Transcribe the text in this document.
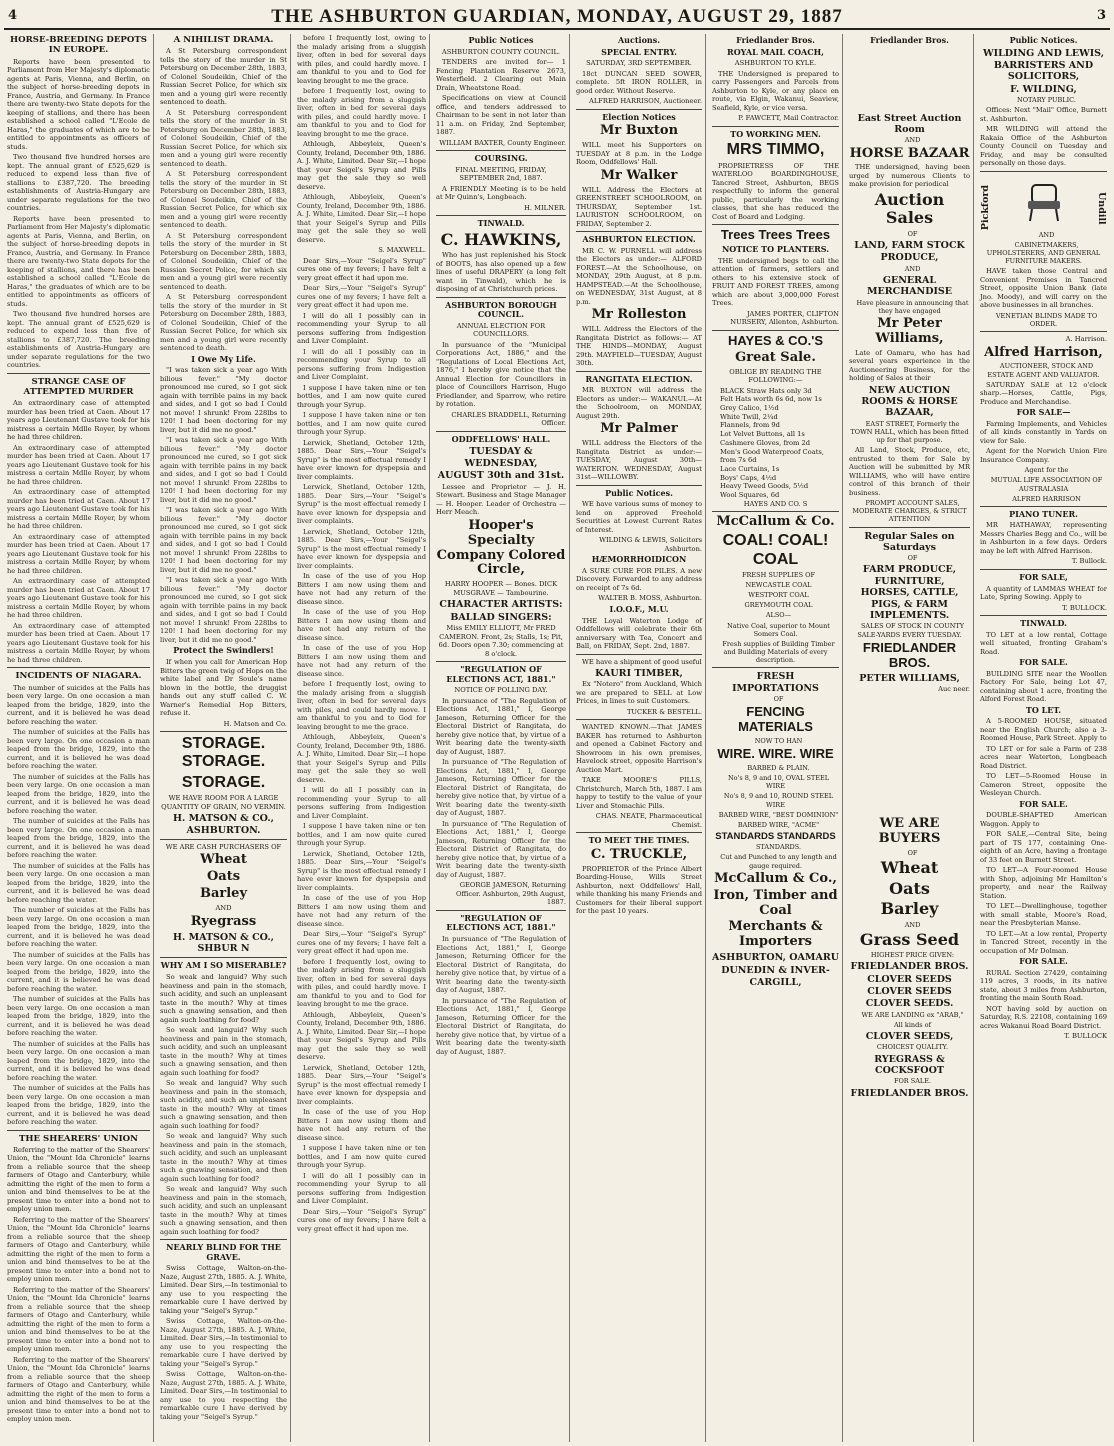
4	THE ASHBURTON GUARDIAN, MONDAY, AUGUST 29, 1887	3
HORSE-BREEDING DEPOTS IN EUROPE.

Reports have been presented to Parliament from Her Majesty's diplomatic agents at Paris, Vienna, and Berlin, on the subject of horse-breeding depots in France, Austria, and Germany. In France there are twenty-two State depots for the keeping of stallions, and there has been established a school called "L'Ecole de Haras," the graduates of which are to be entitled to appointments as officers of studs.

Two thousand five hundred horses are kept. The annual grant of £525,629 is reduced to expend less than five of stallions to £387,720. The breeding establishments of Austria-Hungary are under separate regulations for the two countries.

Reports have been presented to Parliament from Her Majesty's diplomatic agents at Paris, Vienna, and Berlin, on the subject of horse-breeding depots in France, Austria, and Germany. In France there are twenty-two State depots for the keeping of stallions, and there has been established a school called "L'Ecole de Haras," the graduates of which are to be entitled to appointments as officers of studs.

Two thousand five hundred horses are kept. The annual grant of £525,629 is reduced to expend less than five of stallions to £387,720. The breeding establishments of Austria-Hungary are under separate regulations for the two countries.

STRANGE CASE OF ATTEMPTED MURDER

An extraordinary case of attempted murder has been tried at Caen. About 17 years ago Lieutenant Gustave took for his mistress a certain Mdlle Royer, by whom he had three children.

An extraordinary case of attempted murder has been tried at Caen. About 17 years ago Lieutenant Gustave took for his mistress a certain Mdlle Royer, by whom he had three children.

An extraordinary case of attempted murder has been tried at Caen. About 17 years ago Lieutenant Gustave took for his mistress a certain Mdlle Royer, by whom he had three children.

An extraordinary case of attempted murder has been tried at Caen. About 17 years ago Lieutenant Gustave took for his mistress a certain Mdlle Royer, by whom he had three children.

An extraordinary case of attempted murder has been tried at Caen. About 17 years ago Lieutenant Gustave took for his mistress a certain Mdlle Royer, by whom he had three children.

An extraordinary case of attempted murder has been tried at Caen. About 17 years ago Lieutenant Gustave took for his mistress a certain Mdlle Royer, by whom he had three children.

INCIDENTS OF NIAGARA.

The number of suicides at the Falls has been very large. On one occasion a man leaped from the bridge, 1829, into the current, and it is believed he was dead before reaching the water.

The number of suicides at the Falls has been very large. On one occasion a man leaped from the bridge, 1829, into the current, and it is believed he was dead before reaching the water.

The number of suicides at the Falls has been very large. On one occasion a man leaped from the bridge, 1829, into the current, and it is believed he was dead before reaching the water.

The number of suicides at the Falls has been very large. On one occasion a man leaped from the bridge, 1829, into the current, and it is believed he was dead before reaching the water.

The number of suicides at the Falls has been very large. On one occasion a man leaped from the bridge, 1829, into the current, and it is believed he was dead before reaching the water.

The number of suicides at the Falls has been very large. On one occasion a man leaped from the bridge, 1829, into the current, and it is believed he was dead before reaching the water.

The number of suicides at the Falls has been very large. On one occasion a man leaped from the bridge, 1829, into the current, and it is believed he was dead before reaching the water.

The number of suicides at the Falls has been very large. On one occasion a man leaped from the bridge, 1829, into the current, and it is believed he was dead before reaching the water.

The number of suicides at the Falls has been very large. On one occasion a man leaped from the bridge, 1829, into the current, and it is believed he was dead before reaching the water.

The number of suicides at the Falls has been very large. On one occasion a man leaped from the bridge, 1829, into the current, and it is believed he was dead before reaching the water.

THE SHEARERS' UNION

Referring to the matter of the Shearers' Union, the "Mount Ida Chronicle" learns from a reliable source that the sheep farmers of Otago and Canterbury, while admitting the right of the men to form a union and bind themselves to be at the present time to enter into a bond not to employ union men.

Referring to the matter of the Shearers' Union, the "Mount Ida Chronicle" learns from a reliable source that the sheep farmers of Otago and Canterbury, while admitting the right of the men to form a union and bind themselves to be at the present time to enter into a bond not to employ union men.

Referring to the matter of the Shearers' Union, the "Mount Ida Chronicle" learns from a reliable source that the sheep farmers of Otago and Canterbury, while admitting the right of the men to form a union and bind themselves to be at the present time to enter into a bond not to employ union men.

Referring to the matter of the Shearers' Union, the "Mount Ida Chronicle" learns from a reliable source that the sheep farmers of Otago and Canterbury, while admitting the right of the men to form a union and bind themselves to be at the present time to enter into a bond not to employ union men.

A NIHILIST DRAMA.

A St Petersburg correspondent tells the story of the murder in St Petersburg on December 28th, 1883, of Colonel Soudeikin, Chief of the Russian Secret Police, for which six men and a young girl were recently sentenced to death.

A St Petersburg correspondent tells the story of the murder in St Petersburg on December 28th, 1883, of Colonel Soudeikin, Chief of the Russian Secret Police, for which six men and a young girl were recently sentenced to death.

A St Petersburg correspondent tells the story of the murder in St Petersburg on December 28th, 1883, of Colonel Soudeikin, Chief of the Russian Secret Police, for which six men and a young girl were recently sentenced to death.

A St Petersburg correspondent tells the story of the murder in St Petersburg on December 28th, 1883, of Colonel Soudeikin, Chief of the Russian Secret Police, for which six men and a young girl were recently sentenced to death.

A St Petersburg correspondent tells the story of the murder in St Petersburg on December 28th, 1883, of Colonel Soudeikin, Chief of the Russian Secret Police, for which six men and a young girl were recently sentenced to death.

I Owe My Life.

"I was taken sick a year ago With bilious fever." "My doctor pronounced me cured, so I got sick again with terrible pains in my back and sides, and I got so bad I Could not move! I shrunk! From 228lbs to 120! I had been doctoring for my liver, but it did me no good."

"I was taken sick a year ago With bilious fever." "My doctor pronounced me cured, so I got sick again with terrible pains in my back and sides, and I got so bad I Could not move! I shrunk! From 228lbs to 120! I had been doctoring for my liver, but it did me no good."

"I was taken sick a year ago With bilious fever." "My doctor pronounced me cured, so I got sick again with terrible pains in my back and sides, and I got so bad I Could not move! I shrunk! From 228lbs to 120! I had been doctoring for my liver, but it did me no good."

"I was taken sick a year ago With bilious fever." "My doctor pronounced me cured, so I got sick again with terrible pains in my back and sides, and I got so bad I Could not move! I shrunk! From 228lbs to 120! I had been doctoring for my liver, but it did me no good."

Protect the Swindlers!

If when you call for American Hop Bitters the green twig of Hops on the white label and Dr Soule's name blown in the bottle, the druggist hands out any stuff called C. W. Warner's Remedial Hop Bitters, refuse it.

H. Matson and Co.

STORAGE. STORAGE.
STORAGE.

WE HAVE ROOM FOR A LARGE QUANTITY OF GRAIN, NO VERMIN.

H. MATSON & CO., ASHBURTON.

WE ARE CASH PURCHASERS OF

Wheat
Oats
Barley

AND

Ryegrass
H. MATSON & CO., SHBUR N
WHY AM I SO MISERABLE?

So weak and languid? Why such heaviness and pain in the stomach, such acidity, and such an unpleasant taste in the mouth? Why at times such a gnawing sensation, and then again such loathing for food?

So weak and languid? Why such heaviness and pain in the stomach, such acidity, and such an unpleasant taste in the mouth? Why at times such a gnawing sensation, and then again such loathing for food?

So weak and languid? Why such heaviness and pain in the stomach, such acidity, and such an unpleasant taste in the mouth? Why at times such a gnawing sensation, and then again such loathing for food?

So weak and languid? Why such heaviness and pain in the stomach, such acidity, and such an unpleasant taste in the mouth? Why at times such a gnawing sensation, and then again such loathing for food?

So weak and languid? Why such heaviness and pain in the stomach, such acidity, and such an unpleasant taste in the mouth? Why at times such a gnawing sensation, and then again such loathing for food?

NEARLY BLIND FOR THE GRAVE.

Swiss Cottage, Walton-on-the-Naze, August 27th, 1885. A. J. White, Limited. Dear Sirs,—In testimonial to any use to you respecting the remarkable cure I have derived by taking your "Seigel's Syrup."

Swiss Cottage, Walton-on-the-Naze, August 27th, 1885. A. J. White, Limited. Dear Sirs,—In testimonial to any use to you respecting the remarkable cure I have derived by taking your "Seigel's Syrup."

Swiss Cottage, Walton-on-the-Naze, August 27th, 1885. A. J. White, Limited. Dear Sirs,—In testimonial to any use to you respecting the remarkable cure I have derived by taking your "Seigel's Syrup."

before I frequently lost, owing to the malady arising from a sluggish liver, often in bed for several days with piles, and could hardly move. I am thankful to you and to God for leaving brought to me the grace.

before I frequently lost, owing to the malady arising from a sluggish liver, often in bed for several days with piles, and could hardly move. I am thankful to you and to God for leaving brought to me the grace.

Athlough, Abbeyleix, Queen's County, Ireland, December 9th, 1886. A. J. White, Limited. Dear Sir,—I hope that your Seigel's Syrup and Pills may get the sale they so well deserve.

Athlough, Abbeyleix, Queen's County, Ireland, December 9th, 1886. A. J. White, Limited. Dear Sir,—I hope that your Seigel's Syrup and Pills may get the sale they so well deserve.

S. MAXWELL.

Dear Sirs,—Your "Seigel's Syrup" cures one of my fevers; I have felt a very great effect it had upon me.

Dear Sirs,—Your "Seigel's Syrup" cures one of my fevers; I have felt a very great effect it had upon me.

I will do all I possibly can in recommending your Syrup to all persons suffering from Indigestion and Liver Complaint.

I will do all I possibly can in recommending your Syrup to all persons suffering from Indigestion and Liver Complaint.

I suppose I have taken nine or ten bottles, and I am now quite cured through your Syrup.

I suppose I have taken nine or ten bottles, and I am now quite cured through your Syrup.

Lerwick, Shetland, October 12th, 1885. Dear Sirs,—Your "Seigel's Syrup" is the most effectual remedy I have ever known for dyspepsia and liver complaints.

Lerwick, Shetland, October 12th, 1885. Dear Sirs,—Your "Seigel's Syrup" is the most effectual remedy I have ever known for dyspepsia and liver complaints.

Lerwick, Shetland, October 12th, 1885. Dear Sirs,—Your "Seigel's Syrup" is the most effectual remedy I have ever known for dyspepsia and liver complaints.

In case of the use of you Hop Bitters I am now using them and have not had any return of the disease since.

In case of the use of you Hop Bitters I am now using them and have not had any return of the disease since.

In case of the use of you Hop Bitters I am now using them and have not had any return of the disease since.

before I frequently lost, owing to the malady arising from a sluggish liver, often in bed for several days with piles, and could hardly move. I am thankful to you and to God for leaving brought to me the grace.

Athlough, Abbeyleix, Queen's County, Ireland, December 9th, 1886. A. J. White, Limited. Dear Sir,—I hope that your Seigel's Syrup and Pills may get the sale they so well deserve.

I will do all I possibly can in recommending your Syrup to all persons suffering from Indigestion and Liver Complaint.

I suppose I have taken nine or ten bottles, and I am now quite cured through your Syrup.

Lerwick, Shetland, October 12th, 1885. Dear Sirs,—Your "Seigel's Syrup" is the most effectual remedy I have ever known for dyspepsia and liver complaints.

In case of the use of you Hop Bitters I am now using them and have not had any return of the disease since.

Dear Sirs,—Your "Seigel's Syrup" cures one of my fevers; I have felt a very great effect it had upon me.

before I frequently lost, owing to the malady arising from a sluggish liver, often in bed for several days with piles, and could hardly move. I am thankful to you and to God for leaving brought to me the grace.

Athlough, Abbeyleix, Queen's County, Ireland, December 9th, 1886. A. J. White, Limited. Dear Sir,—I hope that your Seigel's Syrup and Pills may get the sale they so well deserve.

Lerwick, Shetland, October 12th, 1885. Dear Sirs,—Your "Seigel's Syrup" is the most effectual remedy I have ever known for dyspepsia and liver complaints.

In case of the use of you Hop Bitters I am now using them and have not had any return of the disease since.

I suppose I have taken nine or ten bottles, and I am now quite cured through your Syrup.

I will do all I possibly can in recommending your Syrup to all persons suffering from Indigestion and Liver Complaint.

Dear Sirs,—Your "Seigel's Syrup" cures one of my fevers; I have felt a very great effect it had upon me.

Public Notices

ASHBURTON COUNTY COUNCIL.

TENDERS are invited for— 1 Fencing Plantation Reserve 2673, Westerfield. 2 Clearing out Main Drain, Wheatstone Road.

Specifications on view at Council office, and tenders addressed to Chairman to be sent in not later than 11 a.m. on Friday, 2nd September, 1887.

WILLIAM BAXTER, County Engineer.

COURSING.

FINAL MEETING, FRIDAY, SEPTEMBER 2nd, 1887.

A FRIENDLY Meeting is to be held at Mr Quinn's, Longbeach.

H. MILNER.

TINWALD.
C. HAWKINS,

Who has just replenished his Stock of BOOTS, has also opened up a few lines of useful DRAPERY (a long felt want in Tinwald), which he is disposing of at Christchurch prices.

ASHBURTON BOROUGH COUNCIL.

ANNUAL ELECTION FOR COUNCILLORS.

In pursuance of the "Municipal Corporations Act, 1886," and the "Regulations of Local Elections Act, 1876," I hereby give notice that the Annual Election for Councillors in place of Councillors Harrison, Hugo Friedlander, and Sparrow, who retire by rotation.

CHARLES BRADDELL, Returning Officer.

ODDFELLOWS' HALL.
TUESDAY & WEDNESDAY,
AUGUST 30th and 31st.

Lessee and Proprietor — J. H. Stewart. Business and Stage Manager — H. Hooper. Leader of Orchestra — Herr Meach.

Hooper's Specialty Company Colored Circle,

HARRY HOOPER — Bones. DICK MUSGRAVE — Tambourine.

CHARACTER ARTISTS:
BALLAD SINGERS:

Miss EMILY ELLIOTT, Mr FRED CAMERON. Front, 2s; Stalls, 1s; Pit, 6d. Doors open 7.30; commencing at 8 o'clock.

"REGULATION OF ELECTIONS ACT, 1881."

NOTICE OF POLLING DAY.

In pursuance of "The Regulation of Elections Act, 1881," I, George Jameson, Returning Officer for the Electoral District of Rangitata, do hereby give notice that, by virtue of a Writ bearing date the twenty-sixth day of August, 1887.

In pursuance of "The Regulation of Elections Act, 1881," I, George Jameson, Returning Officer for the Electoral District of Rangitata, do hereby give notice that, by virtue of a Writ bearing date the twenty-sixth day of August, 1887.

In pursuance of "The Regulation of Elections Act, 1881," I, George Jameson, Returning Officer for the Electoral District of Rangitata, do hereby give notice that, by virtue of a Writ bearing date the twenty-sixth day of August, 1887.

GEORGE JAMESON, Returning Officer. Ashburton, 29th August, 1887.

"REGULATION OF ELECTIONS ACT, 1881."

In pursuance of "The Regulation of Elections Act, 1881," I, George Jameson, Returning Officer for the Electoral District of Rangitata, do hereby give notice that, by virtue of a Writ bearing date the twenty-sixth day of August, 1887.

In pursuance of "The Regulation of Elections Act, 1881," I, George Jameson, Returning Officer for the Electoral District of Rangitata, do hereby give notice that, by virtue of a Writ bearing date the twenty-sixth day of August, 1887.

Auctions.
SPECIAL ENTRY.

SATURDAY, 3RD SEPTEMBER.

18ct DUNCAN SEED SOWER, complete. 5ft IRON ROLLER, in good order. Without Reserve.

ALFRED HARRISON, Auctioneer.

Election Notices
Mr Buxton

WILL meet his Supporters on TUESDAY at 8 p.m. in the Lodge Room, Oddfellows' Hall.

Mr Walker

WILL Address the Electors at GREENSTREET SCHOOLROOM, on THURSDAY, September 1st. LAURISTON SCHOOLROOM, on FRIDAY, September 2.

ASHBURTON ELECTION.

MR C. W. PURNELL will address the Electors as under:— ALFORD FOREST.—At the Schoolhouse, on MONDAY, 29th August, at 8 p.m. HAMPSTEAD.—At the Schoolhouse, on WEDNESDAY, 31st August, at 8 p.m.

Mr Rolleston

WILL Address the Electors of the Rangitata District as follows:— AT THE HINDS—MONDAY, August 29th. MAYFIELD—TUESDAY, August 30th.

RANGITATA ELECTION.

MR BUXTON will address the Electors as under:— WAKANUI.—At the Schoolroom, on MONDAY, August 29th.

Mr Palmer

WILL address the Electors of the Rangitata District as under:— TUESDAY, August 30th—WATERTON. WEDNESDAY, August 31st—WILLOWBY.

Public Notices.

WE have various sums of money to lend on approved Freehold Securities at Lowest Current Rates of Interest.

WILDING & LEWIS, Solicitors Ashburton.

HÆMORRHOIDICON

A SURE CURE FOR PILES. A new Discovery. Forwarded to any address on receipt of 7s 6d.

WALTER B. MOSS, Ashburton.

I.O.O.F., M.U.

THE Loyal Waterton Lodge of Oddfellows will celebrate their 6th anniversary with Tea, Concert and Ball, on FRIDAY, Sept. 2nd, 1887.

WE have a shipment of good useful

KAURI TIMBER,

Ex "Notero" from Auckland, Which we are prepared to SELL at Low Prices, in lines to suit Customers.

TUCKER & BESTELL.

WANTED KNOWN.—That JAMES BAKER has returned to Ashburton and opened a Cabinet Factory and Showroom in his own premises, Havelock street, opposite Harrison's Auction Mart.

TAKE MOORE'S PILLS, Christchurch, March 5th, 1887. I am happy to testify to the value of your Liver and Stomachic Pills.

CHAS. NEATE, Pharmaceutical Chemist.

TO MEET THE TIMES.
C. TRUCKLE,

PROPRIETOR of the Prince Albert Boarding-House, Wills Street Ashburton, next Oddfellows' Hall, while thanking his many Friends and Customers for their liberal support for the past 10 years.

Friedlander Bros.
ROYAL MAIL COACH,

ASHBURTON TO KYLE.

THE Undersigned is prepared to carry Passengers and Parcels from Ashburton to Kyle, or any place en route, via Elgin, Wakanui, Seaview, Seafield, Kyle, or vice versa.

P. FAWCETT, Mail Contractor.

TO WORKING MEN.
MRS TIMMO,

PROPRIETRESS OF THE WATERLOO BOARDINGHOUSE, Tancred Street, Ashburton, BEGS respectfully to inform the general public, particularly the working classes, that she has reduced the Cost of Board and Lodging.

Trees Trees Trees
NOTICE TO PLANTERS.

THE undersigned begs to call the attention of farmers, settlers and others to his extensive stock of FRUIT AND FOREST TREES, among which are about 3,000,000 Forest Trees.

JAMES PORTER, CLIFTON NURSERY, Allenton, Ashburton.

HAYES & CO.'S
Great Sale.

OBLIGE BY READING THE FOLLOWING:—

BLACK Straw Hats only 3d
Felt Hats worth 6s 6d, now 1s
Grey Calico, 1½d
White Twill, 2¼d
Flannels, from 9d
Lot Velvet Buttons, all 1s
Cashmere Gloves, from 2d
Men's Good Waterproof Coats, from 7s 6d
Lace Curtains, 1s
Boys' Caps, 4½d
Heavy Tweed Goods, 5½d
Wool Squares, 6d

HAYES AND CO. S

McCallum & Co.
COAL! COAL! COAL

FRESH SUPPLIES OF

NEWCASTLE COAL

WESTPORT COAL

GREYMOUTH COAL

ALSO—

Native Coal, superior to Mount Somers Coal.

Fresh supplies of Building Timber and Building Materials of every description.

FRESH IMPORTATIONS

OF

FENCING MATERIALS

NOW TO HAN

WIRE. WIRE. WIRE

BARBED & PLAIN.

No's 8, 9 and 10, OVAL STEEL WIRE

No's 8, 9 and 10, ROUND STEEL WIRE

BARBED WIRE, "BEST DOMINION"

BARBED WIRE, "ACME"

STANDARDS STANDARDS

STANDARDS.

Cut and Punched to any length and gauge required.

McCallum & Co.,
Iron, Timber and Coal
Merchants & Importers
ASHBURTON, OAMARU
DUNEDIN & INVER-
CARGILL,
Friedlander Bros.
East Street Auction Room

AND

HORSE BAZAAR

THE undersigned, having been urged by numerous Clients to make provision for periodical

Auction Sales

OF

LAND, FARM STOCK
PRODUCE,

AND

GENERAL MERCHANDISE

Have pleasure in announcing that they have engaged

Mr Peter Williams,

Late of Oamaru, who has had several years experience in the Auctioneering Business, for the holding of Sales at their

NEW AUCTION ROOMS & HORSE BAZAAR,

EAST STREET, Formerly the TOWN HALL, which has been fitted up for that purpose.

All Land, Stock, Produce, etc, entrusted to them for Sale by Auction will be submitted by MR WILLIAMS, who will have entire control of this branch of their business.

PROMPT ACCOUNT SALES, MODERATE CHARGES, & STRICT ATTENTION

Regular Sales on Saturdays

OF

FARM PRODUCE, FURNITURE, HORSES, CATTLE, PIGS, & FARM IMPLEMENTS.

SALES OF STOCK IN COUNTY SALE-YARDS EVERY TUESDAY.

FRIEDLANDER BROS.
PETER WILLIAMS,

Auc neer.

WE ARE BUYERS

OF

Wheat
Oats
Barley

AND

Grass Seed

HIGHEST PRICE GIVEN:

FRIEDLANDER BROS.
CLOVER SEEDS
CLOVER SEEDS
CLOVER SEEDS.

WE ARE LANDING ex "ARAB,"

All kinds of

CLOVER SEEDS,

CHOICEST QUALITY.

RYEGRASS & COCKSFOOT

FOR SALE.

FRIEDLANDER BROS.
Public Notices.
WILDING AND LEWIS,
BARRISTERS AND SOLICITORS,
F. WILDING,

NOTARY PUBLIC.

Offices: Next "Mail" Office, Burnett st. Ashburton.

MR WILDING will attend the Rakaia Office of the Ashburton County Council on Tuesday and Friday, and may be consulted personally on those days.

Pickford

AND

Undill

CABINETMAKERS, UPHOLSTERERS, AND GENERAL FURNITURE MAKERS.

HAVE taken those Central and Convenient Premises in Tancred Street, opposite Union Bank (late Jno. Moody), and will carry on the above businesses in all branches.

VENETIAN BLINDS MADE TO ORDER.

A. Harrison.

Alfred Harrison,

AUCTIONEER, STOCK AND ESTATE AGENT AND VALUATOR.

SATURDAY SALE at 12 o'clock sharp.—Horses, Cattle, Pigs, Produce and Merchandise.

FOR SALE—

Farming Implements, and Vehicles of all kinds constantly in Yards on view for Sale.

Agent for the Norwich Union Fire Insurance Company.

Agent for the

MUTUAL LIFE ASSOCIATION OF AUSTRALASIA

ALFRED HARRISON

PIANO TUNER.

MR HATHAWAY, representing Messrs Charles Begg and Co., will be in Ashburton in a few days. Orders may be left with Alfred Harrison.

T. Bullock.

FOR SALE,

A quantity of LAMMAS WHEAT for Late, Spring Sowing. Apply to

T. BULLOCK.

TINWALD.

TO LET at a low rental, Cottage well situated, fronting Graham's Road.

FOR SALE.

BUILDING SITE near the Woollen Factory For Sale, being Lot 47, containing about 1 acre, fronting the Alford Forest Road.

TO LET.

A 5-ROOMED HOUSE, situated near the English Church; also a 3-Roomed House, Park Street. Apply to

TO LET or for sale a Farm of 238 acres near Waterton, Longbeach Road District.

TO LET—5-Roomed House in Cameron Street, opposite the Wesleyan Church.

FOR SALE.

DOUBLE-SHAFTED American Waggon. Apply to

FOR SALE,—Central Site, being part of TS 177, containing One-eighth of an Acre, having a frontage of 33 feet on Burnett Street.

TO LET—A Four-roomed House with Shop, adjoining Mr Hamilton's property, and near the Railway Station.

TO LET.—Dwellinghouse, together with small stable, Moore's Road, near the Presbyterian Manse.

TO LET.—At a low rental, Property in Tancred Street, recently in the occupation of Mr Dolman.

FOR SALE.

RURAL Section 27429, containing 119 acres, 3 roods, in its native state, about 3 miles from Ashburton, fronting the main South Road.

NOT having sold by auction on Saturday, R.S. 22108, containing 169 acres Wakanui Road Board District.

T. BULLOCK
